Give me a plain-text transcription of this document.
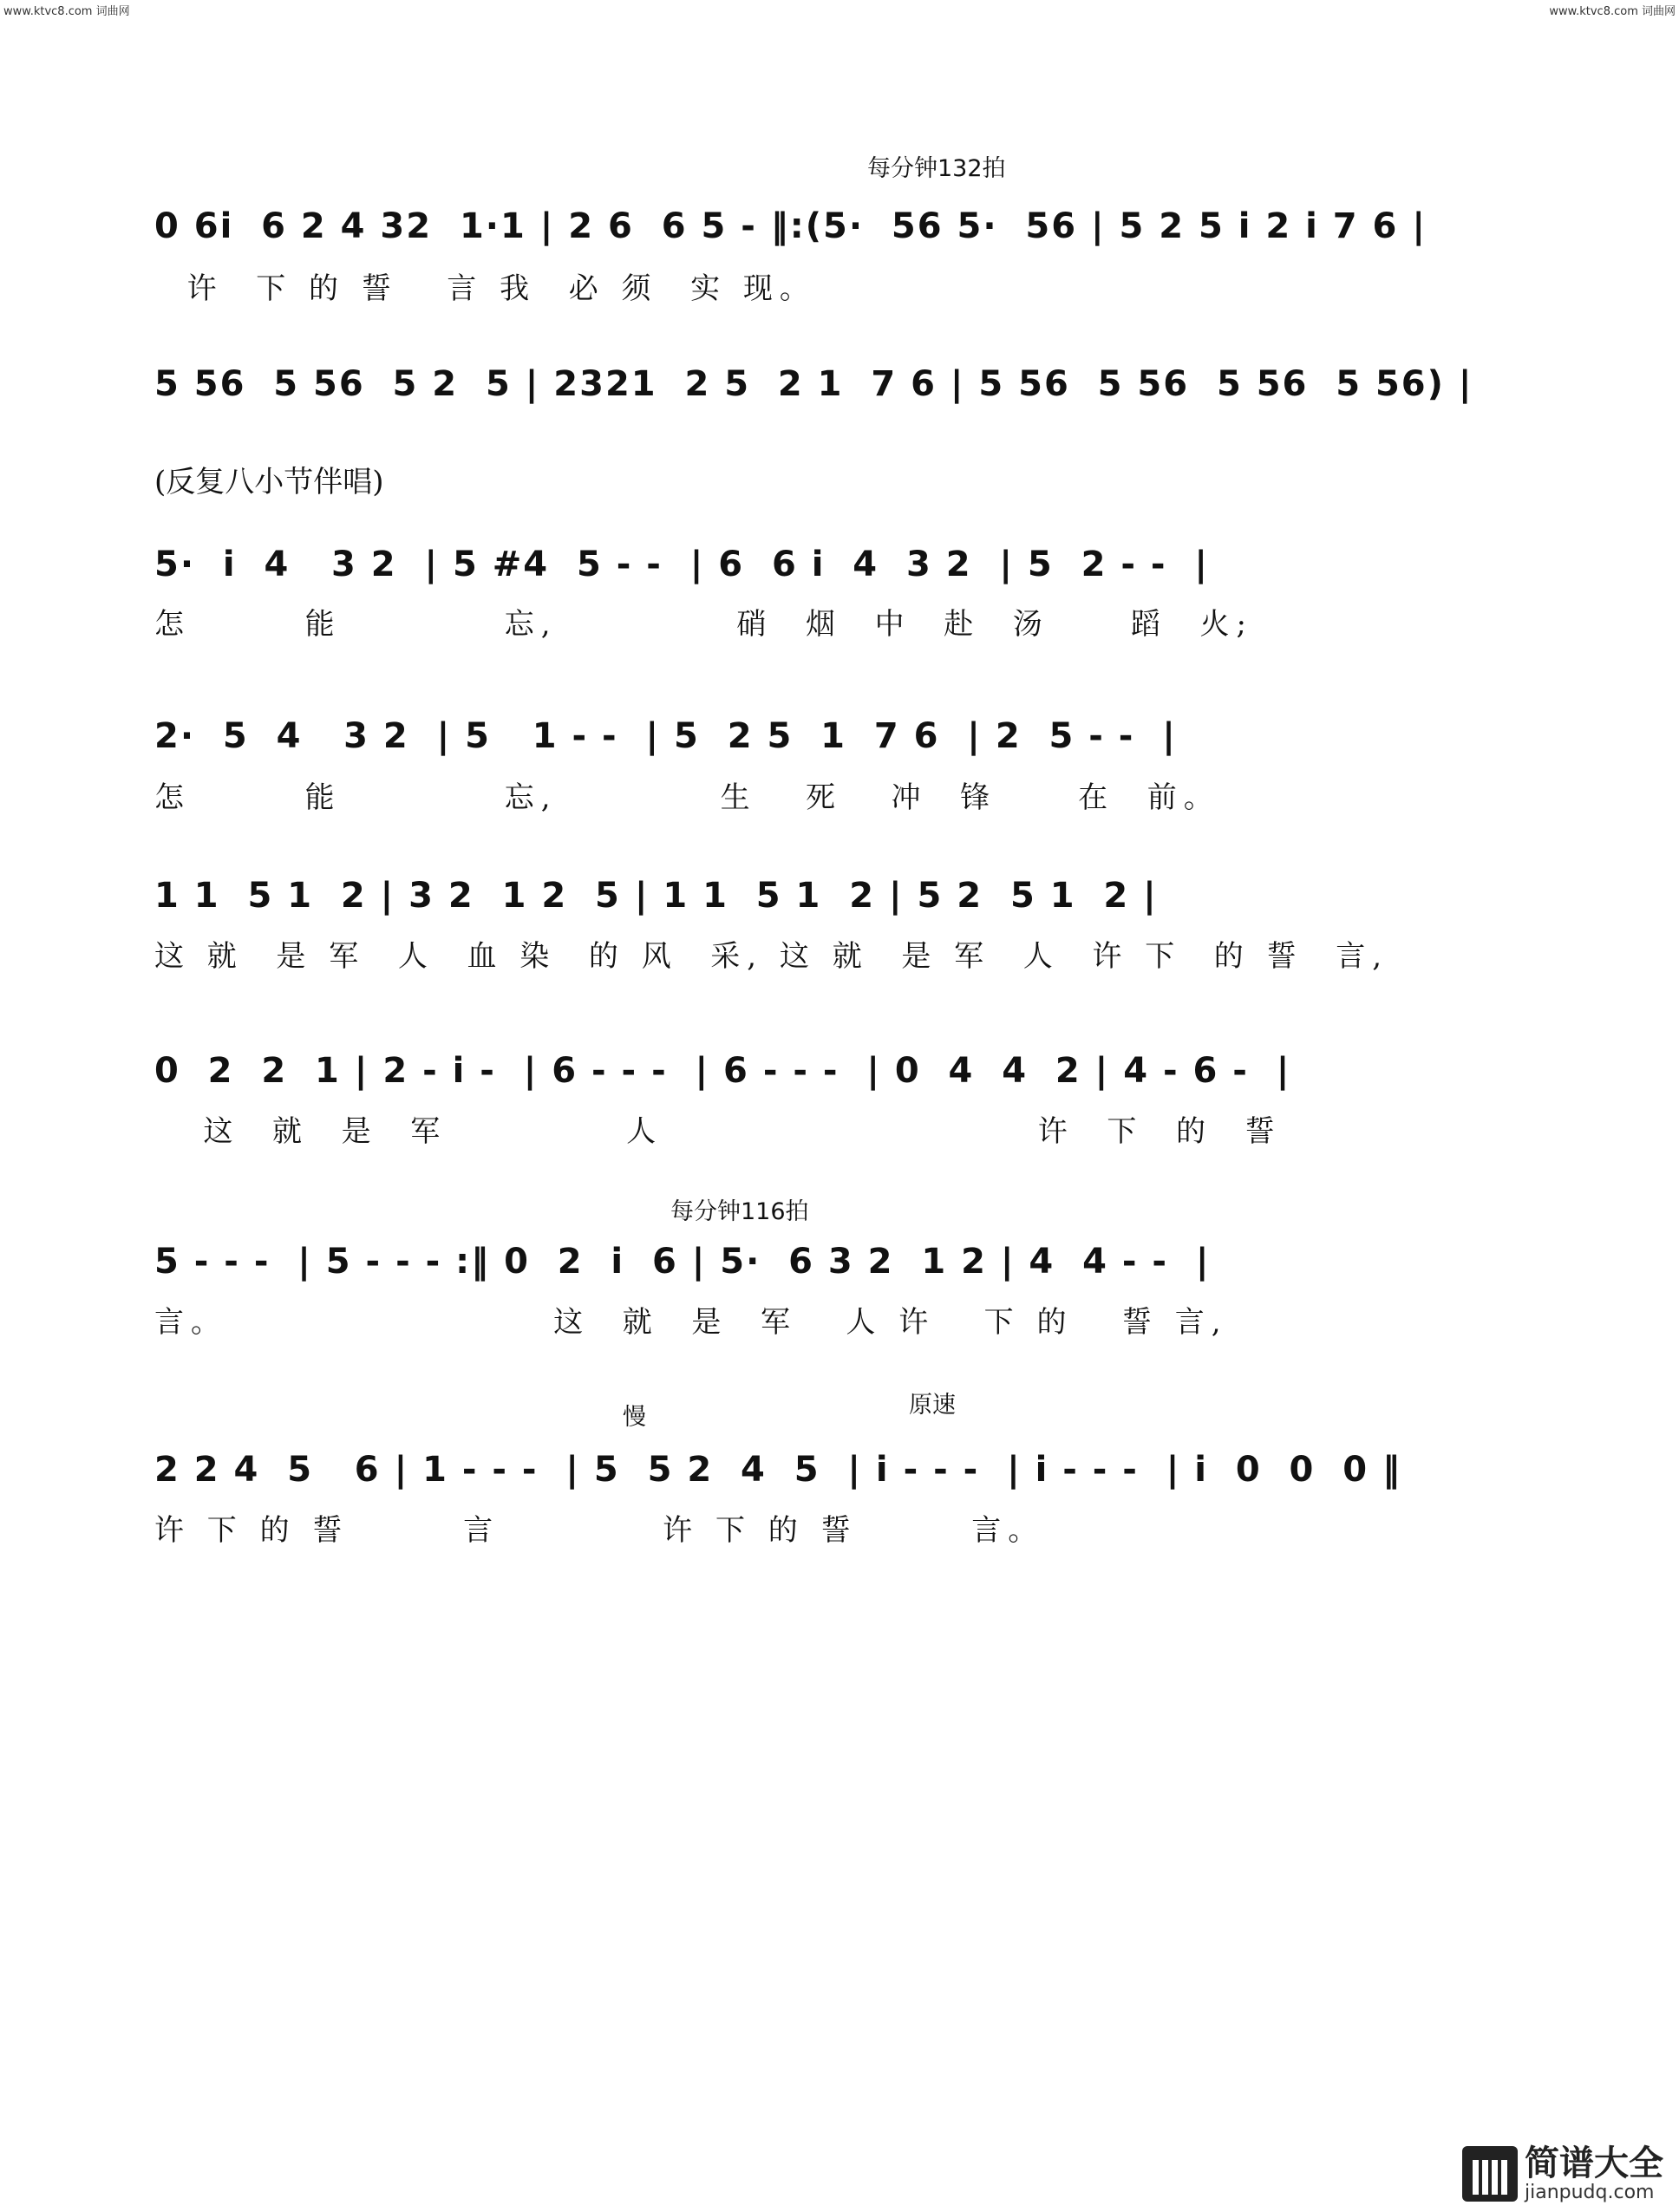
www.ktvc8.com 词曲网	www.ktvc8.com 词曲网
每分钟132拍
0 6i  6 2 4 32  1·1 | 2 6  6 5 - ‖:(5·  56 5·  56 | 5 2 5 i 2 i 7 6 |
许  下 的 誓   言 我  必 须  实 现。
5 56  5 56  5 2  5 | 2321  2 5  2 1  7 6 | 5 56  5 56  5 56  5 56) |
(反复八小节伴唱)
5·  i  4   3 2  | 5 #4  5 - -  | 6  6 i  4  3 2  | 5  2 - -  |
怎       能          忘,           硝  烟  中  赴  汤     蹈  火;
2·  5  4   3 2  | 5   1 - -  | 5  2 5  1  7 6  | 2  5 - -  |
怎       能          忘,          生   死   冲  锋     在  前。
1 1  5 1  2 | 3 2  1 2  5 | 1 1  5 1  2 | 5 2  5 1  2 |
这 就  是 军  人  血 染  的 风  采, 这 就  是 军  人  许 下  的 誓  言,
0  2  2  1 | 2 - i -  | 6 - - -  | 6 - - -  | 0  4  4  2 | 4 - 6 -  |
这  就  是  军           人                       许  下  的  誓
每分钟116拍
5 - - -  | 5 - - - :‖ 0  2  i  6 | 5·  6 3 2  1 2 | 4  4 - -  |
言。                    这  就  是  军   人 许   下 的   誓 言,
慢	原速
2 2 4  5   6 | 1 - - -  | 5  5 2  4  5  | i - - -  | i - - -  | i  0  0  0 ‖
许 下 的 誓       言          许 下 的 誓       言。
简谱大全
jianpudq.com
